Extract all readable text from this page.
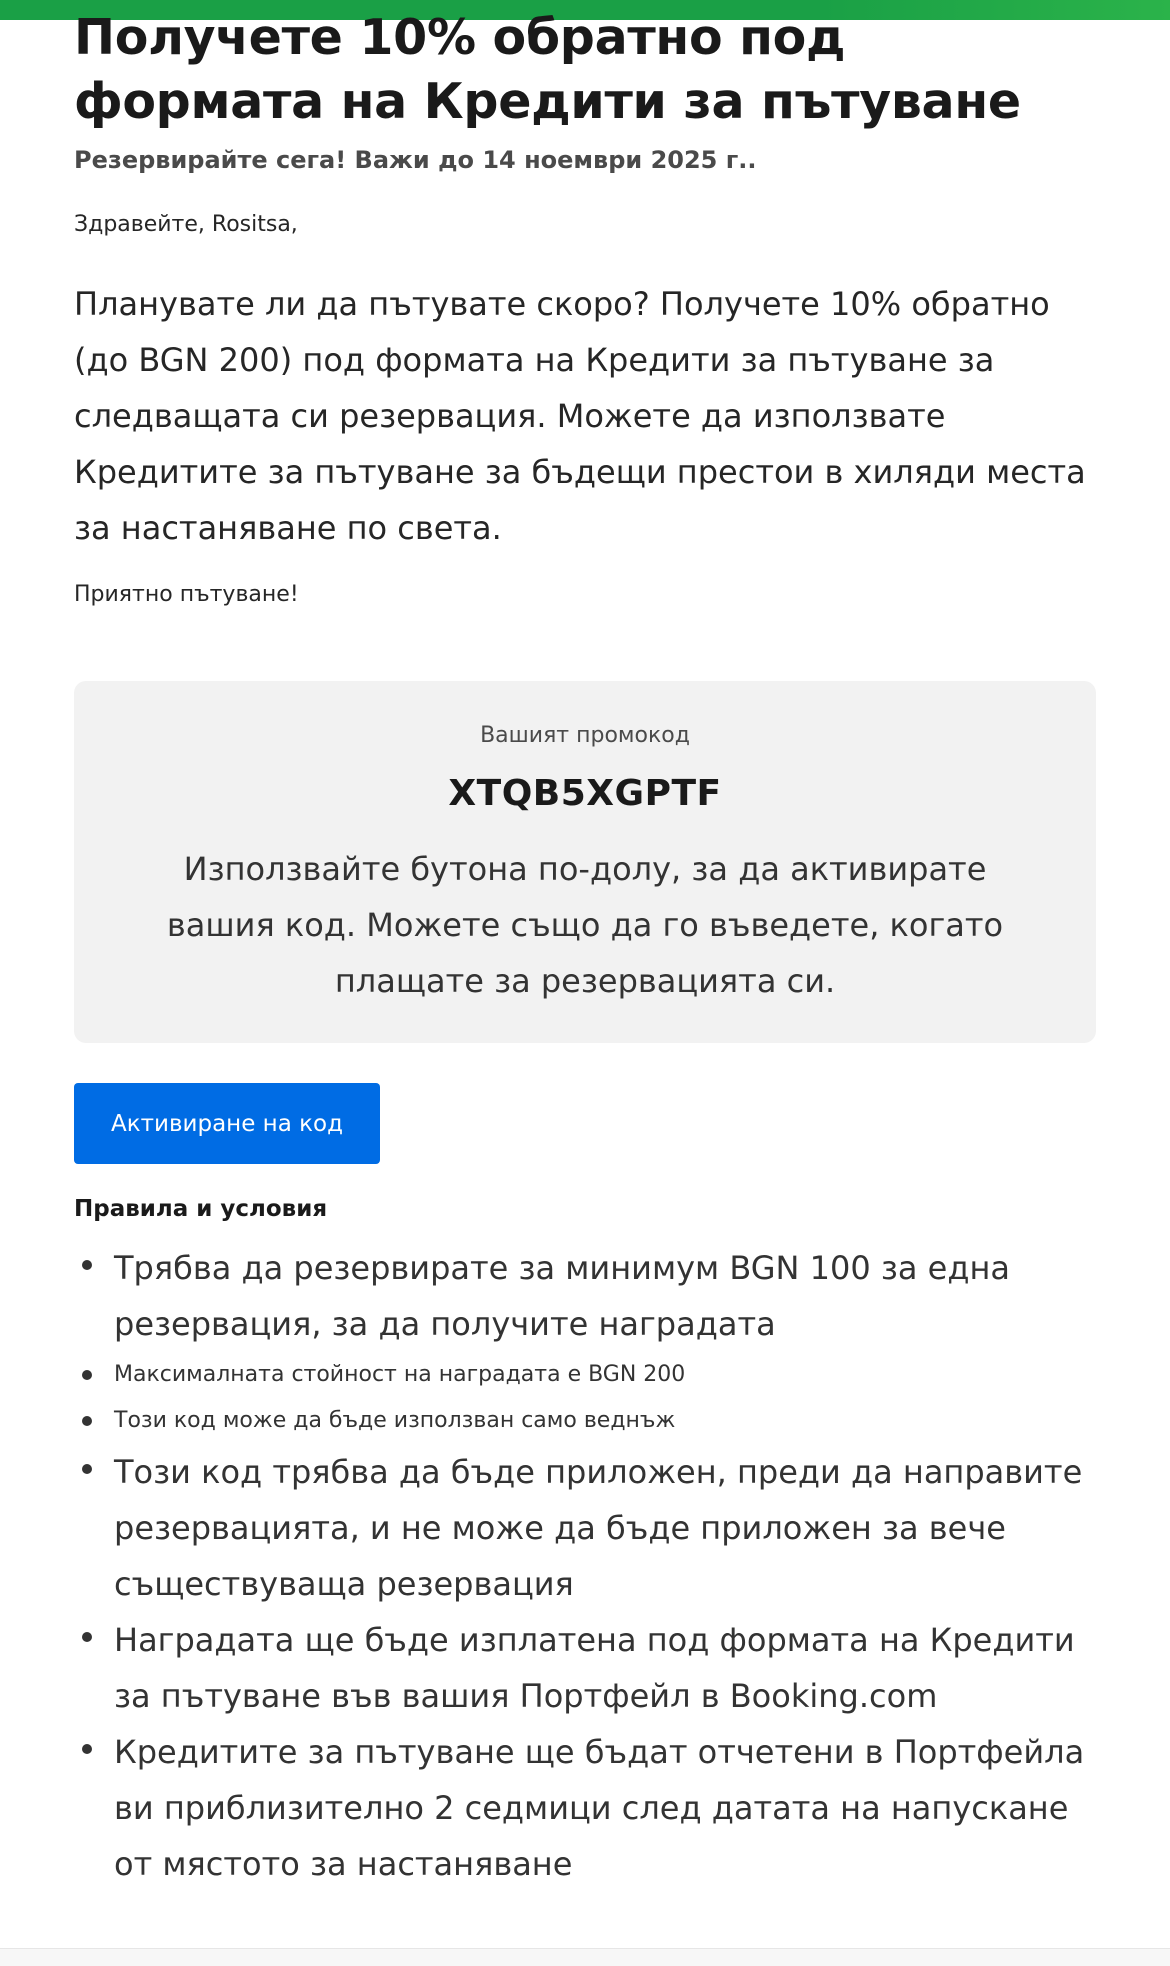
Получете 10% обратно под формата на Кредити за пътуване
Резервирайте сега! Важи до 14 ноември 2025 г..
Здравейте, Rositsa,

Планувате ли да пътувате скоро? Получете 10% обратно (до BGN 200) под формата на Кредити за пътуване за следващата си резервация. Можете да използвате Кредитите за пътуване за бъдещи престои в хиляди места за настаняване по света.

Приятно пътуване!
Вашият промокод
XTQB5XGPTF
Използвайте бутона по-долу, за да активирате вашия код. Можете също да го въведете, когато плащате за резервацията си.
Активиране на код
Правила и условия
Трябва да резервирате за минимум BGN 100 за една резервация, за да получите наградата
Максималната стойност на наградата е BGN 200
Този код може да бъде използван само веднъж
Този код трябва да бъде приложен, преди да направите резервацията, и не може да бъде приложен за вече съществуваща резервация
Наградата ще бъде изплатена под формата на Кредити за пътуване във вашия Портфейл в Booking.com
Кредитите за пътуване ще бъдат отчетени в Портфейла ви приблизително 2 седмици след датата на напускане от мястото за настаняване
